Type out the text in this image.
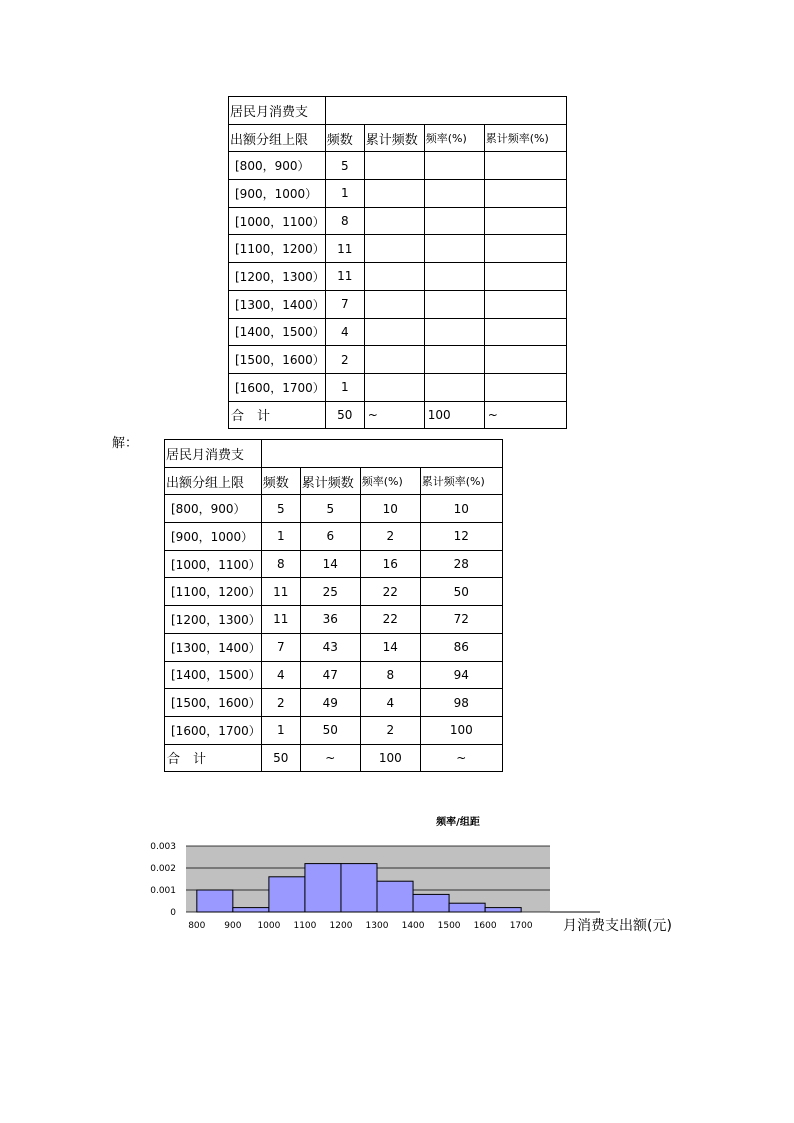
居民月消费支				
出额分组上限	频数	累计频数	频率(%)	累计频率(%)
[800，900）	5			
[900，1000）	1			
[1000，1100）	8			
[1100，1200）	11			
[1200，1300）	11			
[1300，1400）	7			
[1400，1500）	4			
[1500，1600）	2			
[1600，1700）	1			
合　计	50	~	100	~
解：
居民月消费支				
出额分组上限	频数	累计频数	频率(%)	累计频率(%)
[800，900）	5	5	10	10
[900，1000）	1	6	2	12
[1000，1100）	8	14	16	28
[1100，1200）	11	25	22	50
[1200，1300）	11	36	22	72
[1300，1400）	7	43	14	86
[1400，1500）	4	47	8	94
[1500，1600）	2	49	4	98
[1600，1700）	1	50	2	100
合　计	50	~	100	~
频率/组距
0
0.001
0.002
0.003
800 900 1000 1100 1200 1300 1400 1500 1600 1700 月消费支出额(元)
